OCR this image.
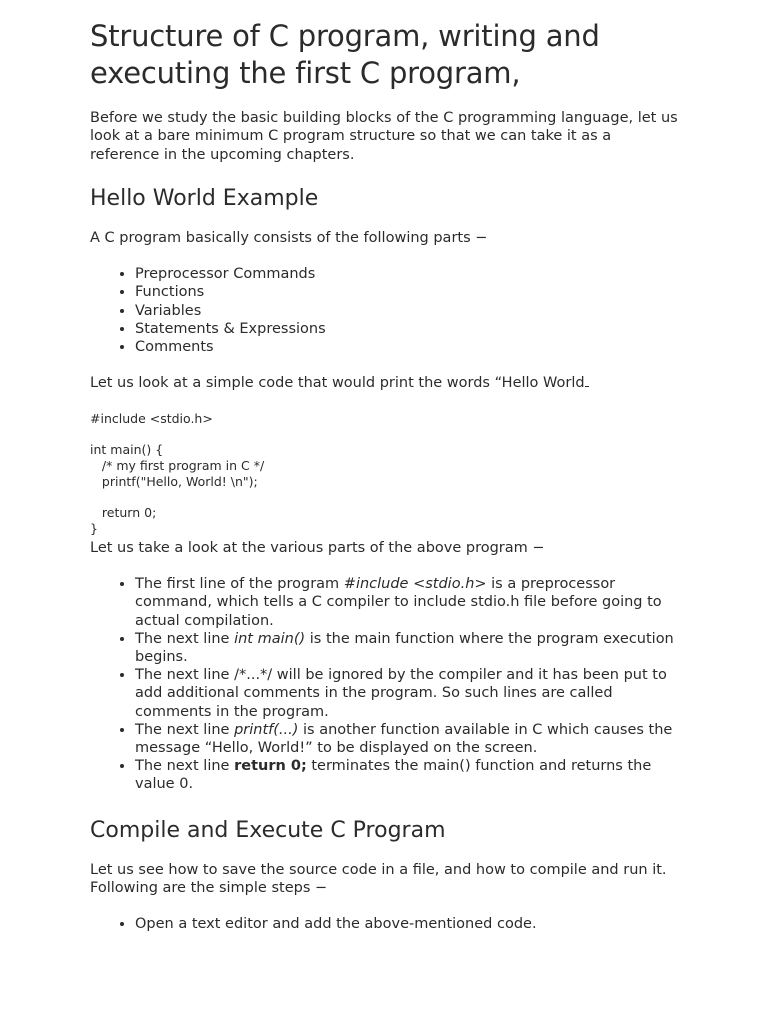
Structure of C program, writing and executing the first C program,

Before we study the basic building blocks of the C programming language, let us look at a bare minimum C program structure so that we can take it as a reference in the upcoming chapters.

Hello World Example

A C program basically consists of the following parts −

• Preprocessor Commands
• Functions
• Variables
• Statements & Expressions
• Comments

Let us look at a simple code that would print the words “Hello World

#include <stdio.h>

int main() {
/* my first program in C */
printf("Hello, World! \n");

return 0;
}

Let us take a look at the various parts of the above program −

• The first line of the program #include <stdio.h> is a preprocessor command, which tells a C compiler to include stdio.h file before going to actual compilation.
• The next line int main() is the main function where the program execution begins.
• The next line /*...*/ will be ignored by the compiler and it has been put to add additional comments in the program. So such lines are called comments in the program.
• The next line printf(...) is another function available in C which causes the message “Hello, World!” to be displayed on the screen.
• The next line return 0; terminates the main() function and returns the value 0.
Compile and Execute C Program

Let us see how to save the source code in a file, and how to compile and run it. Following are the simple steps −

• Open a text editor and add the above-mentioned code.
